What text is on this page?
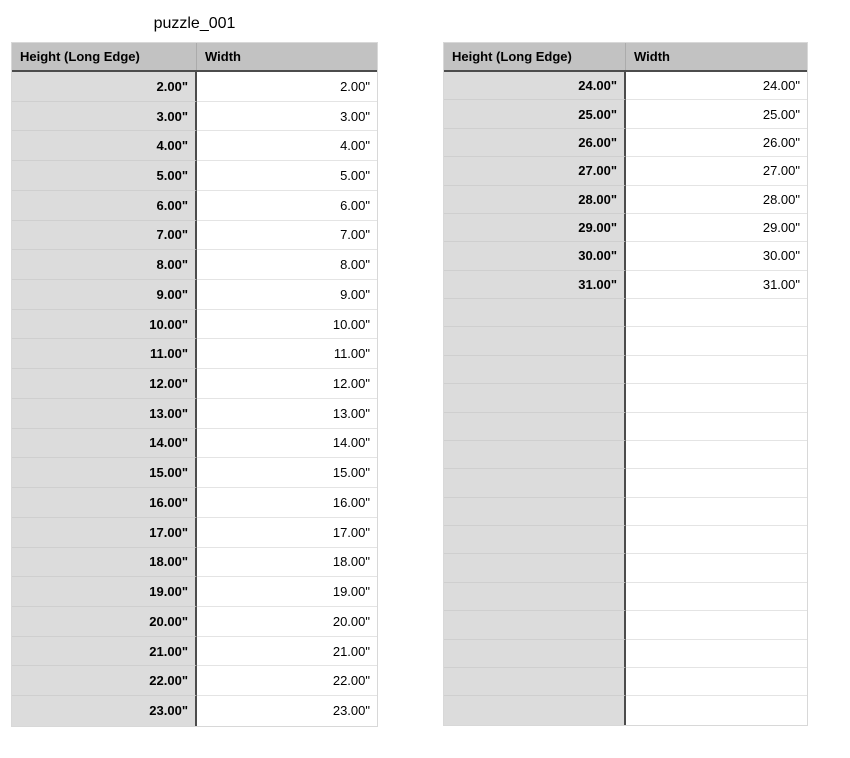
puzzle_001
Height (Long Edge)	Width
2.00"	2.00"
3.00"	3.00"
4.00"	4.00"
5.00"	5.00"
6.00"	6.00"
7.00"	7.00"
8.00"	8.00"
9.00"	9.00"
10.00"	10.00"
11.00"	11.00"
12.00"	12.00"
13.00"	13.00"
14.00"	14.00"
15.00"	15.00"
16.00"	16.00"
17.00"	17.00"
18.00"	18.00"
19.00"	19.00"
20.00"	20.00"
21.00"	21.00"
22.00"	22.00"
23.00"	23.00"
Height (Long Edge)	Width
24.00"	24.00"
25.00"	25.00"
26.00"	26.00"
27.00"	27.00"
28.00"	28.00"
29.00"	29.00"
30.00"	30.00"
31.00"	31.00"
